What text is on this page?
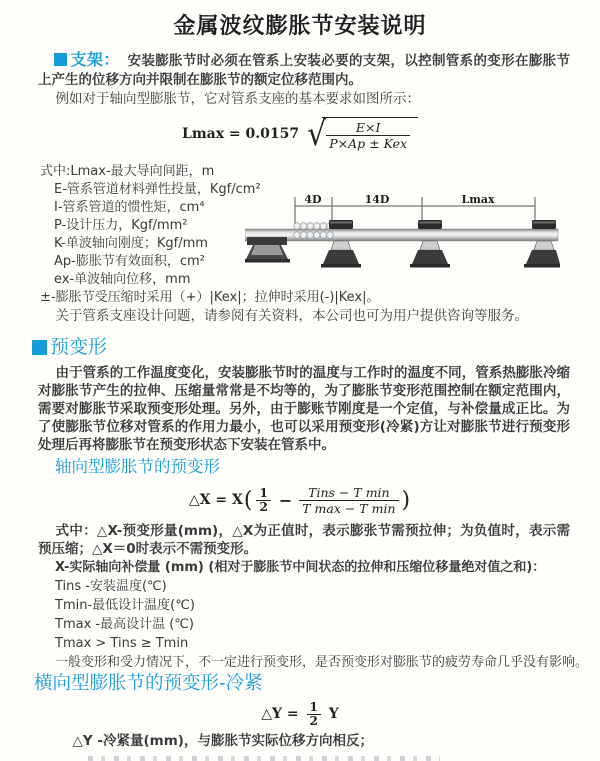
金属波纹膨胀节安装说明

支架： 安装膨胀节时必须在管系上安装必要的支架，以控制管系的变形在膨胀节上产生的位移方向并限制在膨胀节的额定位移范围内。

例如对于轴向型膨胀节，它对管系支座的基本要求如图所示：

Lmax = 0.0157 √ $\frac{E\times I}{\text{P×Ap ± Kex}}$
式中:Lmax-最大导向间距，m
E-管系管道材料弹性投量，Kgf/cm²
I-管系管道的惯性矩，cm⁴
P-设计压力，Kgf/mm²
K-单波轴向刚度；Kgf/mm
Ap-膨胀节有效面积，cm²
ex-单波轴向位移，mm
4D	14D	Lmax
±-膨胀节受压缩时采用（+）|Kex|；拉伸时采用(-)|Kex|。

关于管系支座设计问题，请参阅有关资料，本公司也可为用户提供咨询等服务。

预变形

由于管系的工作温度变化，安装膨胀节时的温度与工作时的温度不同，管系热膨胀冷缩对膨胀节产生的拉伸、压缩量常常是不均等的，为了膨胀节变形范围控制在额定范围内，需要对膨胀节采取预变形处理。另外，由于膨账节刚度是一个定值，与补偿量成正比。为了使膨胀节位移对管系的作用力最小，也可以采用预变形(冷紧)方让对膨胀节进行预变形处理后再将膨胀节在预变形状态下安装在管系中。

轴向型膨胀节的预变形
△X = X ( $\frac{1}{2} - \frac{\text{Tins − T min}}{\text{T max − T min}}$ )

式中：△X-预变形量(mm)，△X为正值时，表示膨张节需预拉伸；为负值时，表示需预压缩；△X＝0时表示不需预变形。

X-实际轴向补偿量 (mm) (相对于膨胀节中间状态的拉伸和压缩位移量绝对值之和)：
Tins -安装温度(℃)
Tmin-最低设计温度(℃)
Tmax -最高设计温 (℃)
Tmax > Tins ≥ Tmin
一般变形和受力情况下，不一定进行预变形，是否预变形对膨胀节的疲劳寿命几乎没有影响。
横向型膨胀节的预变形-冷紧
△Y = $\frac{1}{2}$ Y

△Y -冷紧量(mm)，与膨胀节实际位移方向相反；
